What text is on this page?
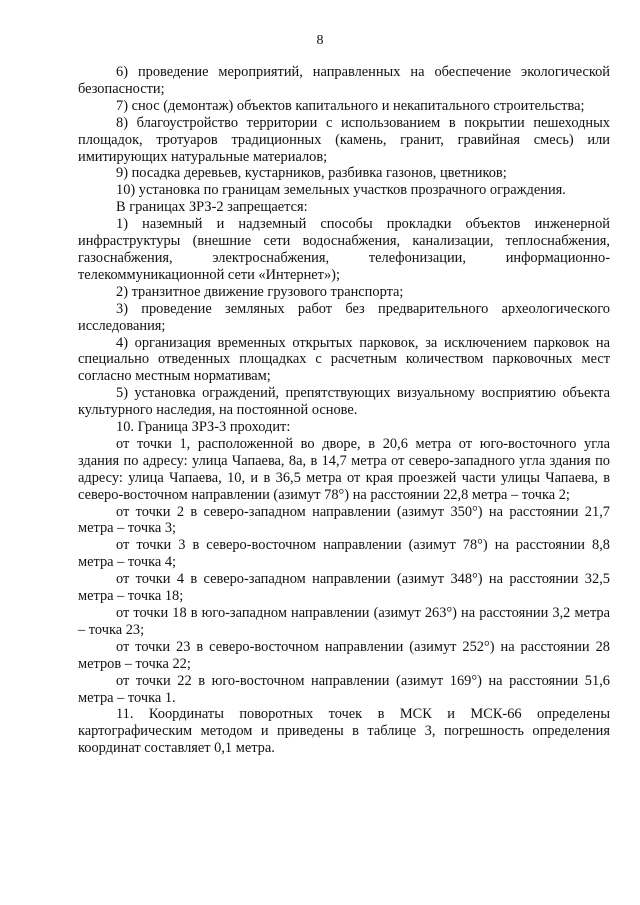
8

6) проведение мероприятий, направленных на обеспечение экологической безопасности;

7) снос (демонтаж) объектов капитального и некапитального строительства;

8) благоустройство территории с использованием в покрытии пешеходных площадок, тротуаров традиционных (камень, гранит, гравийная смесь) или имитирующих натуральные материалов;

9) посадка деревьев, кустарников, разбивка газонов, цветников;

10) установка по границам земельных участков прозрачного ограждения.

В границах ЗРЗ-2 запрещается:

1) наземный и надземный способы прокладки объектов инженерной инфраструктуры (внешние сети водоснабжения, канализации, теплоснабжения, газоснабжения, электроснабжения, телефонизации, информационно-телекоммуникационной сети «Интернет»);

2) транзитное движение грузового транспорта;

3) проведение земляных работ без предварительного археологического исследования;

4) организация временных открытых парковок, за исключением парковок на специально отведенных площадках с расчетным количеством парковочных мест согласно местным нормативам;

5) установка ограждений, препятствующих визуальному восприятию объекта культурного наследия, на постоянной основе.

10. Граница ЗРЗ-3 проходит:

от точки 1, расположенной во дворе, в 20,6 метра от юго-восточного угла здания по адресу: улица Чапаева, 8а, в 14,7 метра от северо-западного угла здания по адресу: улица Чапаева, 10, и в 36,5 метра от края проезжей части улицы Чапаева, в северо-восточном направлении (азимут 78°) на расстоянии 22,8 метра – точка 2;

от точки 2 в северо-западном направлении (азимут 350°) на расстоянии 21,7 метра – точка 3;

от точки 3 в северо-восточном направлении (азимут 78°) на расстоянии 8,8 метра – точка 4;

от точки 4 в северо-западном направлении (азимут 348°) на расстоянии 32,5 метра – точка 18;

от точки 18 в юго-западном направлении (азимут 263°) на расстоянии 3,2 метра – точка 23;

от точки 23 в северо-восточном направлении (азимут 252°) на расстоянии 28 метров – точка 22;

от точки 22 в юго-восточном направлении (азимут 169°) на расстоянии 51,6 метра – точка 1.

11. Координаты поворотных точек в МСК и МСК-66 определены картографическим методом и приведены в таблице 3, погрешность определения координат составляет 0,1 метра.
